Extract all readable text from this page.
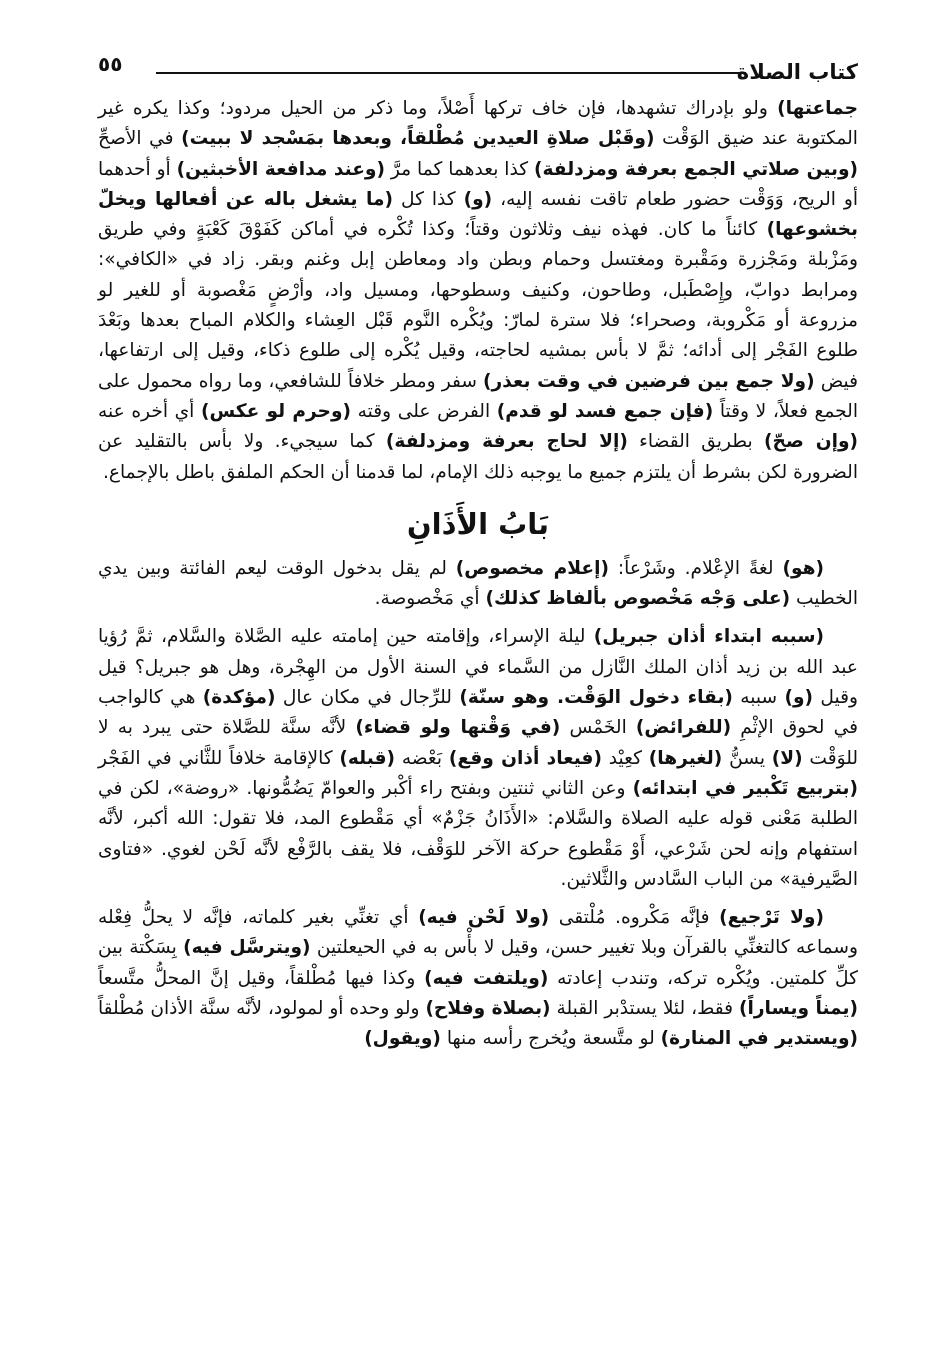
كتاب الصلاة
٥٥

جماعتها) ولو بإدراك تشهدها، فإن خاف تركها أَصْلاً، وما ذكر من الحيل مردود؛ وكذا يكره غير المكتوبة عند ضيق الوَقْت (وقَبْل صلاةِ العيدين مُطْلقاً، وبعدها بمَسْجد لا ببيت) في الأصحِّ (وبين صلاتي الجمع بعرفة ومزدلفة) كذا بعدهما كما مرَّ (وعند مدافعة الأخبثين) أو أحدهما أو الريح، وَوَقْت حضور طعام تاقت نفسه إليه، (و) كذا كل (ما يشغل باله عن أفعالها ويخلّ بخشوعها) كائناً ما كان. فهذه نيف وثلاثون وقتاً؛ وكذا تُكْره في أماكن كَفَوْقَ كَعْبَةٍ وفي طريق ومَزْبلة ومَجْزرة ومَقْبرة ومغتسل وحمام وبطن واد ومعاطن إبل وغنم وبقر. زاد في «الكافي»: ومرابط دوابّ، وإِصْطَبل، وطاحون، وكنيف وسطوحها، ومسيل واد، وأرْضٍ مَغْصوبة أو للغير لو مزروعة أو مَكْروبة، وصحراء؛ فلا سترة لمارّ: ويُكْره النَّوم قَبْل العِشاء والكلام المباح بعدها وبَعْدَ طلوع الفَجْر إلى أدائه؛ ثمَّ لا بأس بمشيه لحاجته، وقيل يُكْره إلى طلوع ذكاء، وقيل إلى ارتفاعها، فيض (ولا جمع بين فرضين في وقت بعذر) سفر ومطر خلافاً للشافعي، وما رواه محمول على الجمع فعلاً، لا وقتاً (فإن جمع فسد لو قدم) الفرض على وقته (وحرم لو عكس) أي أخره عنه (وإن صحّ) بطريق القضاء (إلا لحاج بعرفة ومزدلفة) كما سيجيء. ولا بأس بالتقليد عن الضرورة لكن بشرط أن يلتزم جميع ما يوجبه ذلك الإمام، لما قدمنا أن الحكم الملفق باطل بالإجماع.

بَابُ الأَذَانِ

(هو) لغةً الإعْلام. وشَرْعاً: (إعلام مخصوص) لم يقل بدخول الوقت ليعم الفائتة وبين يدي الخطيب (على وَجْه مَخْصوص بألفاظ كذلك) أي مَخْصوصة.

(سببه ابتداء أذان جبريل) ليلة الإسراء، وإقامته حين إمامته عليه الصَّلاة والسَّلام، ثمَّ رُؤيا عبد الله بن زيد أذان الملك النَّازل من السَّماء في السنة الأول من الهِجْرة، وهل هو جبريل؟ قيل وقيل (و) سببه (بقاء دخول الوَقْت. وهو سنّة) للرِّجال في مكان عال (مؤكدة) هي كالواجب في لحوق الإثْمِ (للفرائض) الخَمْس (في وَقْتها ولو قضاء) لأنَّه سنَّة للصَّلاة حتى يبرد به لا للوَقْت (لا) يسنُّ (لغيرها) كعِيْد (فيعاد أذان وقع) بَعْضه (قبله) كالإقامة خلافاً للثَّاني في الفَجْر (بتربيع تَكْبير في ابتدائه) وعن الثاني ثنتين وبفتح راء أكْبر والعوامّ يَضُمُّونها. «روضة»، لكن في الطلبة مَعْنى قوله عليه الصلاة والسَّلام: «الأَذَانُ جَزْمٌ» أي مَقْطوع المد، فلا تقول: الله أكبر، لأنَّه استفهام وإنه لحن شَرْعي، أَوْ مَقْطوع حركة الآخر للوَقْف، فلا يقف بالرَّفْع لأنَّه لَحْن لغوي. «فتاوى الصَّيرفية» من الباب السَّادس والثَّلاثين.

(ولا تَرْجيع) فإنَّه مَكْروه. مُلْتقى (ولا لَحْن فيه) أي تغنِّي بغير كلماته، فإنَّه لا يحلُّ فِعْله وسماعه كالتغنِّي بالقرآن وبلا تغيير حسن، وقيل لا بأْس به في الحيعلتين (ويترسَّل فيه) بِسَكْتة بين كلِّ كلمتين. ويُكْره تركه، وتندب إعادته (ويلتفت فيه) وكذا فيها مُطْلقاً، وقيل إنَّ المحلُّ متَّسعاً (يمناً ويساراً) فقط، لئلا يستدْبر القبلة (بصلاة وفلاح) ولو وحده أو لمولود، لأنَّه سنَّة الأذان مُطْلقاً (ويستدير في المنارة) لو متَّسعة ويُخرج رأسه منها (ويقول)
